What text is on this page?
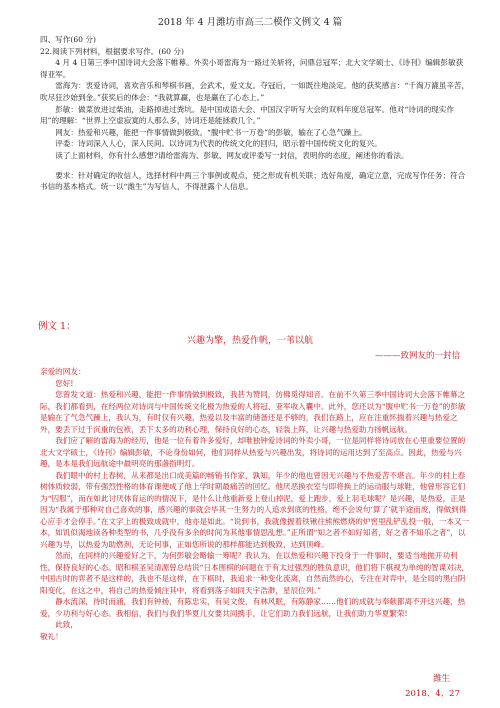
2018 年 4 月潍坊市高三二模作文例文 4 篇

四、写作(60 分)

22.阅读下列材料，根据要求写作。(60 分)

4 月 4 日第三季中国诗词大会落下帷幕。外卖小哥雷海为一路过关斩将，问鼎总冠军；北大文学硕士、《诗刊》编辑彭敏获得亚军。

雷海为：衷爱诗词，喜欢音乐和琴棋书画，会武术，爱文友。夺冠后，一如既往地淡定。他的获奖感言：“千淘万漉虽辛苦，吹尽狂沙始到金。”获奖后的体会：“我就算赢，也是赢在了心态上。”

彭敏：做菜放进过柴油，走路掉进过粪坑。是中国成语大会、中国汉字听写大会的双料年度总冠军。他对“诗词的现实作用”的理解：“世界上空虚寂寞的人那么多，诗词还是能拯救几个。”

网友：热爱和兴趣，能把一件事情做到极致。“腹中贮书一万卷”的彭敏，输在了心急气躁上。

评委：诗词深入人心，深入民间。以诗词为代表的传统文化的回归，昭示着中国传统文化的复兴。

读了上面材料，你有什么感想?请给雷海为、彭敏、网友或评委写一封信，表明你的态度，阐述你的看法。

要求：针对确定的收信人，选择材料中两三个事例或观点，使之形成有机关联；选好角度，确定立意，完成写作任务；符合书信的基本格式。统一以“潍生”为写信人，不得泄露个人信息。

例文 1：
兴趣为擎，热爱作帆，一苇以航
———致网友的一封信

亲爱的网友：

您好!

您曾发文道：热爱和兴趣，能把一件事情做到极致，我甚为赞同，仿佛觅得知音。在前不久第三季中国诗词大会落下帷幕之际，我们都看到，在经两位对诗词与中国传统文化极为热爱的人将冠、亚军收入囊中。此外，您还以为“腹中贮书一万卷”的彭敏是输在了气急气躁上，我认为，有时仅有兴趣，热爱以及丰富的储备还是不够的，我们在路上，应在注重怀揣着兴趣与热爱之外，要丢下过于沉重的包袱，丢下太多的功利心理，保持良好的心态，轻装上阵，让兴趣与热爱助力扬帆远航。

我们应了解的雷海为的经历，他是一位有着许多爱好，却唯独钟爱诗词的外卖小哥，一位是同样将诗词放在心里重要位置的北大文学硕士，《诗刊》编辑彭敏，不论身份如何，他们同样从热爱与兴趣出发，将诗词的运用达到了至高点。因此，热爱与兴趣，是本是我们远航途中最明亮的那盏指明灯。

我们眼中的村上春树，从来都是出口成美篇的畅销书作家，孰知，年少的他也曾因无兴趣与不热爱苦不堪言。年少的村上春树体质较弱，带有强烈性格的体育课便成了他上学时期最痛苦的回忆。他厌恶换衣室与即将换上的运动服与球鞋，他曾形容它们为“囚服”，而在如此讨厌体育运的的情况下，是什么让他重新爱上登山掉泥，爱上跑步，爱上羽毛球呢？是兴趣，是热爱，正是因为“我属于那种对自己喜欢的事，感兴趣的事就会毕其一生努力的人追求到底的性格，绝不会说句‘算了’就半途而废，得做到得心应手才会停手。”在文字上的极致成就中，他亦是如此。“说到书，我就像握着铁锹往熊熊燃烧的炉窖里乱铲乱投一般，一本又一本，如饥似渴地读各种类型的书，几乎没有多余的时间为其他事情思乱想。”正所谓“知之者不如好知者，好之者不如乐之者”，以兴趣为导，以热爱为助燃剂，无论何事，正如您所说的那样都能达到极致，达到顶峰。

然而，在同样的兴趣爱好之下，为何彭敏会略输一筹呢？我认为，在以热爱和兴趣下投身于一件事时，要适当地抛开功利性，保持良好的心态。昭和棋圣吴清源曾总结说“日本围棋的问题在于有太过强烈的胜负意识，他们将下棋视为单纯的智谋对决，中国古时的弈者不是这样的，我也不是这样，在下棋时，我追求一种变化流离，自然而然的心，专注在对弈中，是全局的黑白阴阳变化，在这之中，将自己的热爱倾注其中，将看到落子如同天宇浩渺，星辰位列。”

静水流深，待时而涌，我们有钟扬，有陈忠实，有吴文俊，有林风眠，有陈静家……他们的成就与奉献都离不开这兴趣，热爱，少功利与好心态。我相信，我们与我们华夏儿女要共同携手，让它们助力我们远航，让我们助力华夏繁荣!

此致，

敬礼！

潍生
2018、4、27
